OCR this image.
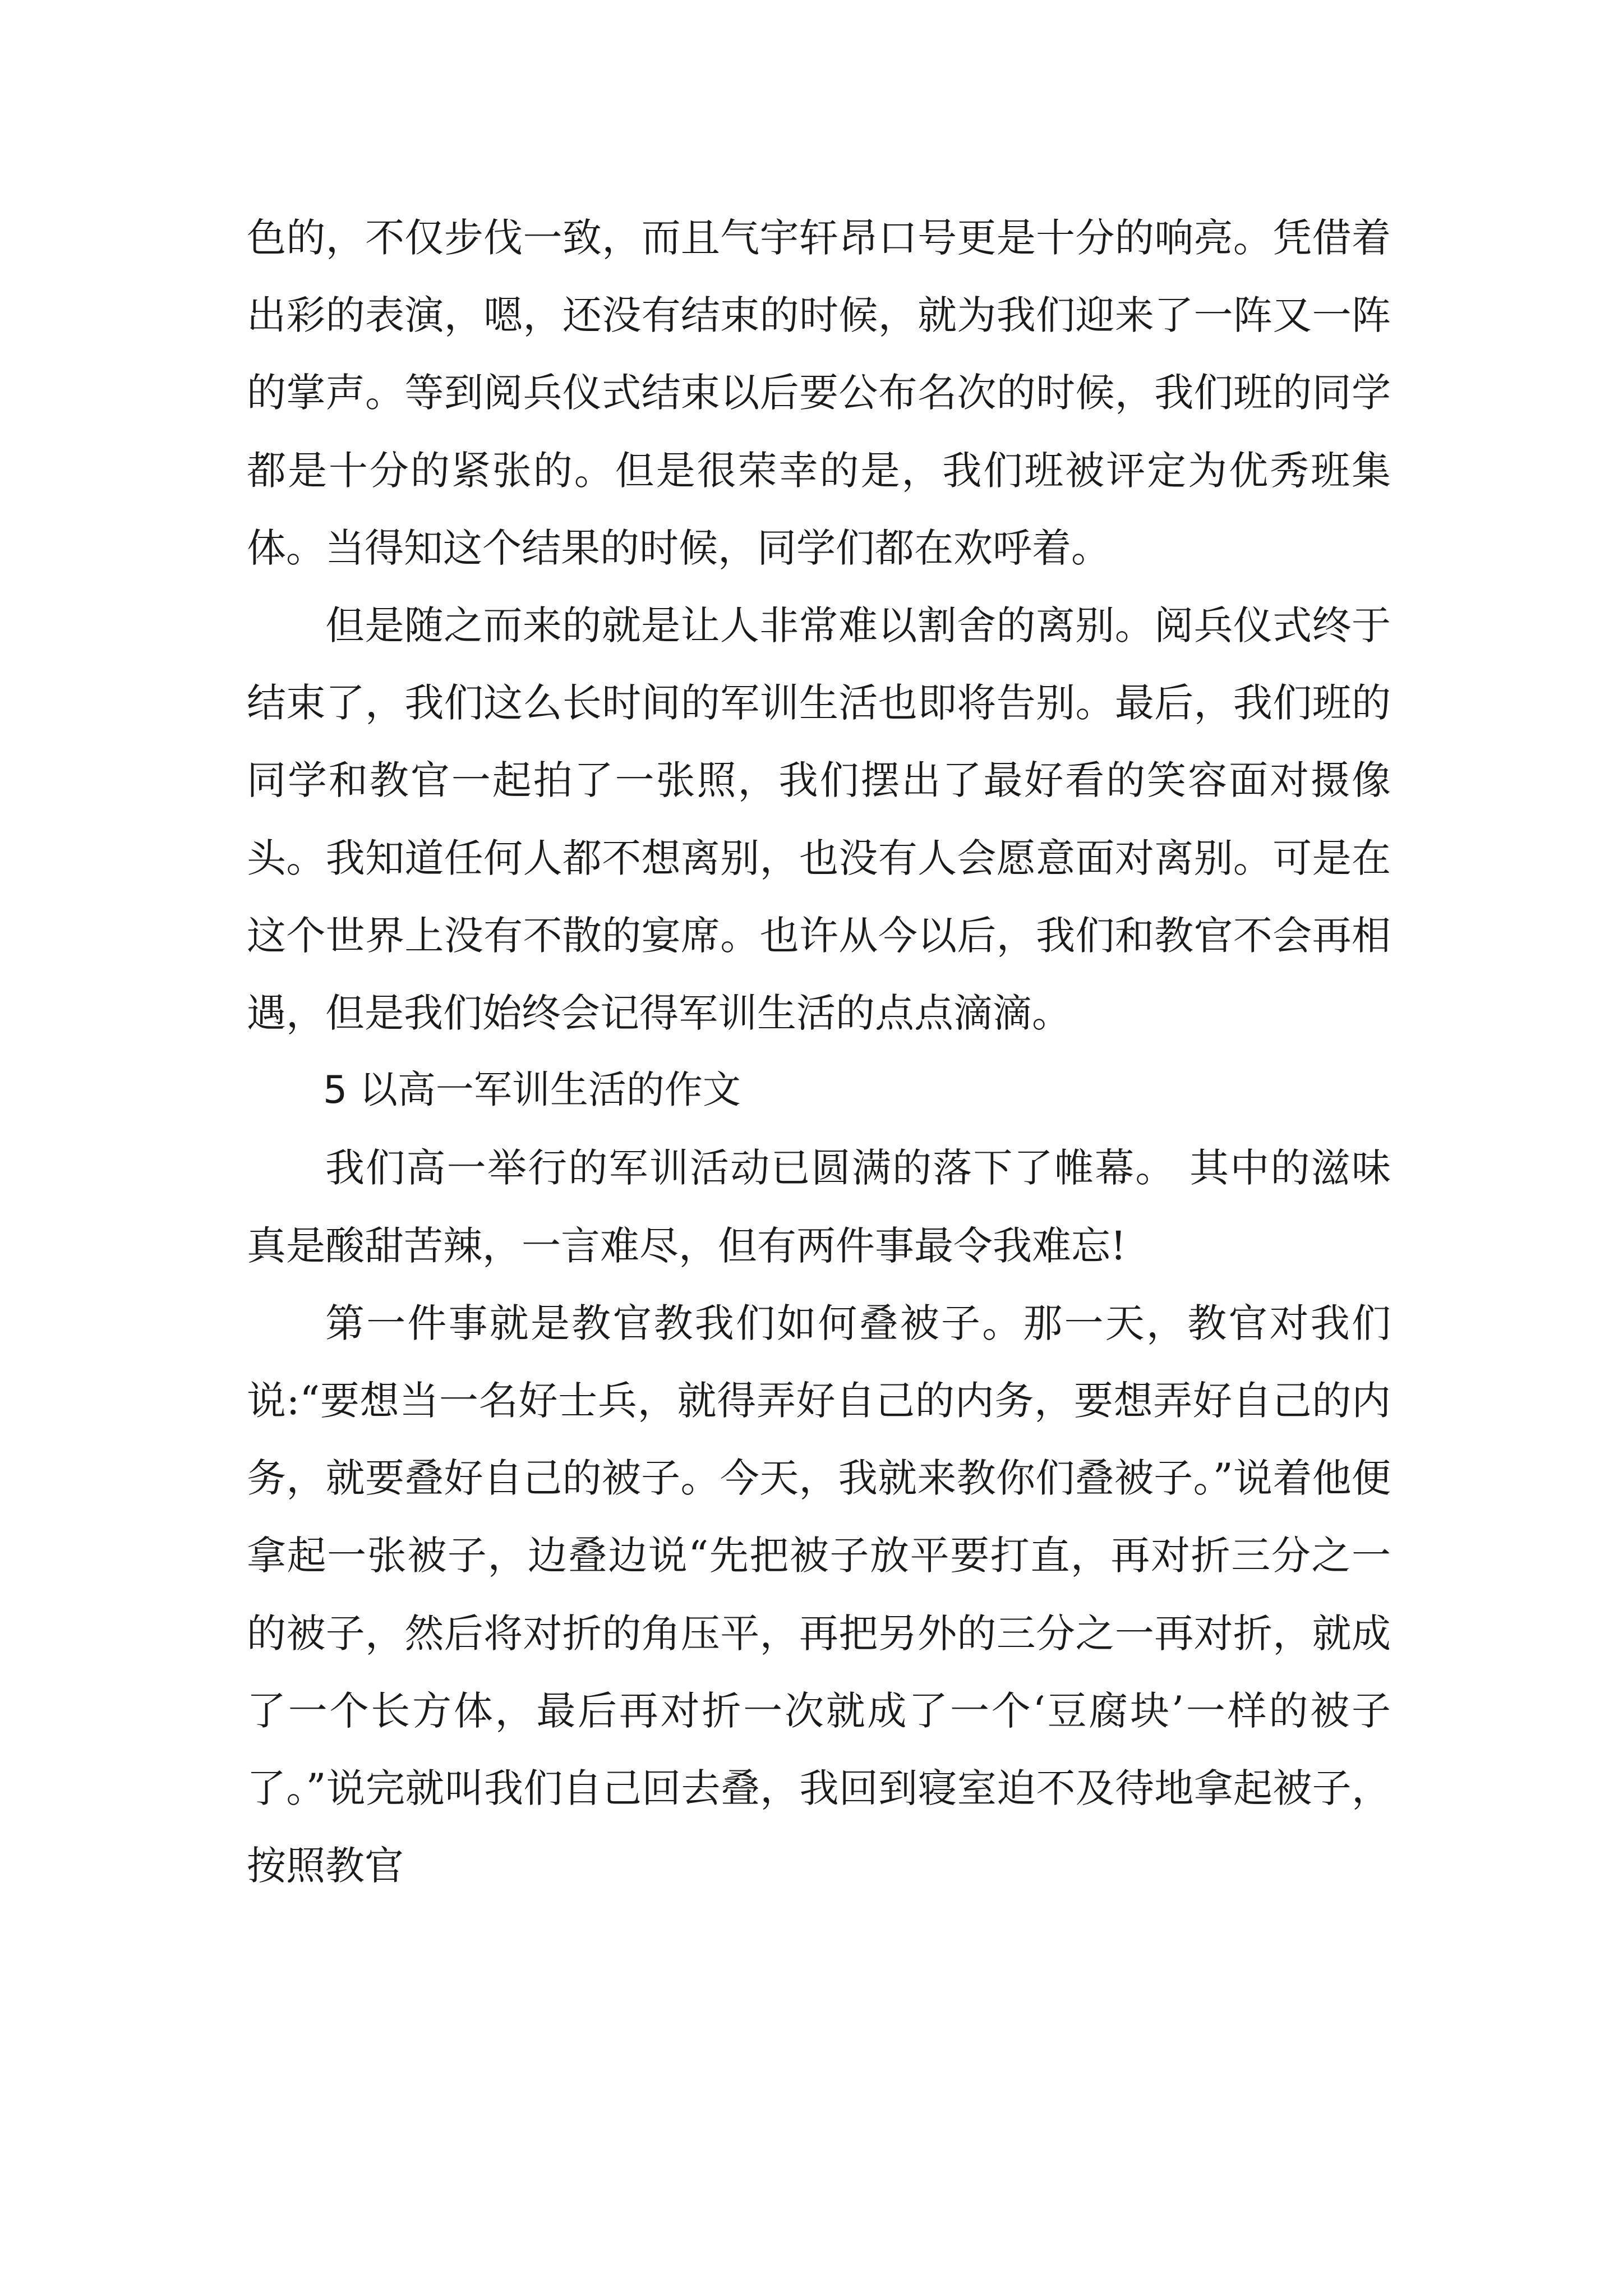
色的，不仅步伐一致，而且气宇轩昂口号更是十分的响亮。凭借着出彩的表演，嗯，还没有结束的时候，就为我们迎来了一阵又一阵的掌声。等到阅兵仪式结束以后要公布名次的时候，我们班的同学都是十分的紧张的。但是很荣幸的是，我们班被评定为优秀班集体。当得知这个结果的时候，同学们都在欢呼着。

但是随之而来的就是让人非常难以割舍的离别。阅兵仪式终于结束了，我们这么长时间的军训生活也即将告别。最后，我们班的同学和教官一起拍了一张照，我们摆出了最好看的笑容面对摄像头。我知道任何人都不想离别，也没有人会愿意面对离别。可是在这个世界上没有不散的宴席。也许从今以后，我们和教官不会再相遇，但是我们始终会记得军训生活的点点滴滴。

5 以高一军训生活的作文

我们高一举行的军训活动已圆满的落下了帷幕。 其中的滋味真是酸甜苦辣，一言难尽，但有两件事最令我难忘!

第一件事就是教官教我们如何叠被子。那一天，教官对我们说:“要想当一名好士兵，就得弄好自己的内务，要想弄好自己的内务，就要叠好自己的被子。今天，我就来教你们叠被子。”说着他便拿起一张被子，边叠边说“先把被子放平要打直，再对折三分之一的被子，然后将对折的角压平，再把另外的三分之一再对折，就成了一个长方体，最后再对折一次就成了一个‘豆腐块’一样的被子了。”说完就叫我们自己回去叠，我回到寝室迫不及待地拿起被子，按照教官
